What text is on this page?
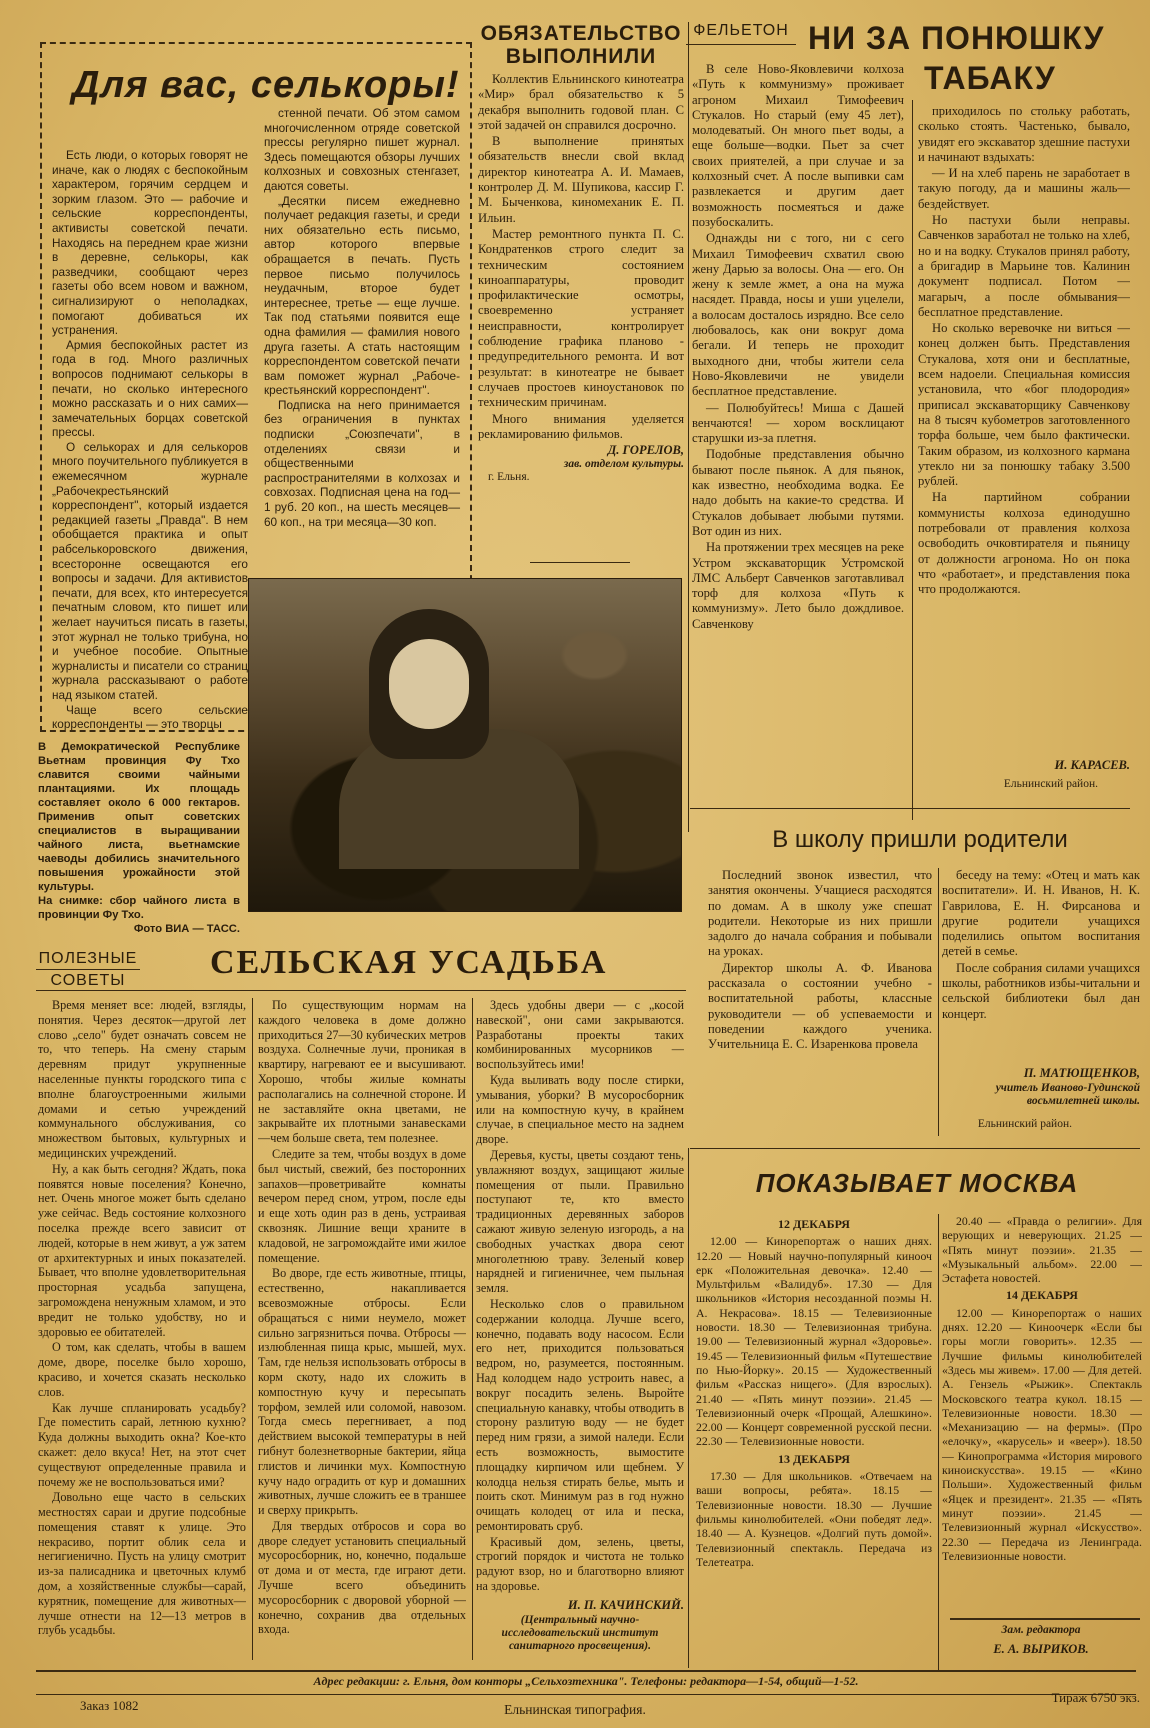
Для вас, селькоры!

Есть люди, о которых говорят не иначе, как о людях с беспокойным характером, горячим сердцем и зорким глазом. Это — рабочие и сельские корреспонденты, активисты советской печати. Находясь на переднем крае жизни в деревне, селькоры, как разведчики, сообщают через газеты обо всем новом и важном, сигнализируют о неполадках, помогают добиваться их устранения.

Армия беспокойных растет из года в год. Много различных вопросов поднимают селькоры в печати, но сколько интересного можно рассказать и о них самих—замечательных борцах советской прессы.

О селькорах и для селькоров много поучительного публикуется в ежемесячном журнале „Рабочекрестьянский корреспондент", который издается редакцией газеты „Правда". В нем обобщается практика и опыт рабселькоровского движения, всесторонне освещаются его вопросы и задачи. Для активистов печати, для всех, кто интересуется печатным словом, кто пишет или желает научиться писать в газеты, этот журнал не только трибуна, но и учебное пособие. Опытные журналисты и писатели со страниц журнала рассказывают о работе над языком статей.

Чаще всего сельские корреспонденты — это творцы

стенной печати. Об этом самом многочисленном отряде советской прессы регулярно пишет журнал. Здесь помещаются обзоры лучших колхозных и совхозных стенгазет, даются советы.

„Десятки писем ежедневно получает редакция газеты, и среди них обязательно есть письмо, автор которого впервые обращается в печать. Пусть первое письмо получилось неудачным, второе будет интереснее, третье — еще лучше. Так под статьями появится еще одна фамилия — фамилия нового друга газеты. А стать настоящим корреспондентом советской печати вам поможет журнал „Рабоче-крестьянский корреспондент".

Подписка на него принимается без ограничения в пунктах подписки „Союзпечати", в отделениях связи и общественными распространителями в колхозах и совхозах. Подписная цена на год—1 руб. 20 коп., на шесть месяцев—60 коп., на три месяца—30 коп.

ОБЯЗАТЕЛЬСТВО
ВЫПОЛНИЛИ

Коллектив Ельнинского кинотеатра «Мир» брал обязательство к 5 декабря выполнить годовой план. С этой задачей он справился досрочно.

В выполнение принятых обязательств внесли свой вклад директор кинотеатра А. И. Мамаев, контролер Д. М. Шупикова, кассир Г. М. Быченкова, киномеханик Е. П. Ильин.

Мастер ремонтного пункта П. С. Кондратенков строго следит за техническим состоянием киноаппаратуры, проводит профилактические осмотры, своевременно устраняет неисправности, контролирует соблюдение графика планово - предупредительного ремонта. И вот результат: в кинотеатре не бывает случаев простоев киноустановок по техническим причинам.

Много внимания уделяется рекламированию фильмов.

Д. ГОРЕЛОВ,
зав. отделом культуры.
г. Ельня.
ФЕЛЬЕТОН НИ ЗА ПОНЮШКУ
ТАБАКУ

В селе Ново-Яковлевичи колхоза «Путь к коммунизму» проживает агроном Михаил Тимофеевич Стукалов. Но старый (ему 45 лет), молодеватый. Он много пьет воды, а еще больше—водки. Пьет за счет своих приятелей, а при случае и за колхозный счет. А после выпивки сам развлекается и другим дает возможность посмеяться и даже позубоскалить.

Однажды ни с того, ни с сего Михаил Тимофеевич схватил свою жену Дарью за волосы. Она — его. Он жену к земле жмет, а она на мужа насядет. Правда, носы и уши уцелели, а волосам досталось изрядно. Все село любовалось, как они вокруг дома бегали. И теперь не проходит выходного дни, чтобы жители села Ново-Яковлевичи не увидели бесплатное представление.

— Полюбуйтесь! Миша с Дашей венчаются! — хором восклицают старушки из-за плетня.

Подобные представления обычно бывают после пьянок. А для пьянок, как известно, необходима водка. Ее надо добыть на какие-то средства. И Стукалов добывает любыми путями. Вот один из них.

На протяжении трех месяцев на реке Устром экскаваторщик Устромской ЛМС Альберт Савченков заготавливал торф для колхоза «Путь к коммунизму». Лето было дождливое. Савченкову

приходилось по стольку работать, сколько стоять. Частенько, бывало, увидят его экскаватор здешние пастухи и начинают вздыхать:

— И на хлеб парень не заработает в такую погоду, да и машины жаль—бездействует.

Но пастухи были неправы. Савченков заработал не только на хлеб, но и на водку. Стукалов принял работу, а бригадир в Марьине тов. Калинин документ подписал. Потом — магарыч, а после обмывания—бесплатное представление.

Но сколько веревочке ни виться — конец должен быть. Представления Стукалова, хотя они и бесплатные, всем надоели. Специальная комиссия установила, что «бог плодородия» приписал экскаваторщику Савченкову на 8 тысяч кубометров заготовленного торфа больше, чем было фактически. Таким образом, из колхозного кармана утекло ни за понюшку табаку 3.500 рублей.

На партийном собрании коммунисты колхоза единодушно потребовали от правления колхоза освободить очковтирателя и пьяницу от должности агронома. Но он пока что «работает», и представления пока что продолжаются.

И. КАРАСЕВ.
Ельнинский район.
В Демократической Республике Вьетнам провинция Фу Тхо славится своими чайными плантациями. Их площадь составляет около 6 000 гектаров. Применив опыт советских специалистов в выращивании чайного листа, вьетнамские чаеводы добились значительного повышения урожайности этой культуры.
На снимке: сбор чайного листа в провинции Фу Тхо.
Фото ВИА — ТАСС.
В школу пришли родители

Последний звонок известил, что занятия окончены. Учащиеся расходятся по домам. А в школу уже спешат родители. Некоторые из них пришли задолго до начала собрания и побывали на уроках.

Директор школы А. Ф. Иванова рассказала о состоянии учебно - воспитательной работы, классные руководители — об успеваемости и поведении каждого ученика. Учительница Е. С. Изаренкова провела

беседу на тему: «Отец и мать как воспитатели». И. Н. Иванов, Н. К. Гаврилова, Е. Н. Фирсанова и другие родители учащихся поделились опытом воспитания детей в семье.

После собрания силами учащихся школы, работников избы-читальни и сельской библиотеки был дан концерт.

П. МАТЮЩЕНКОВ,
учитель Иваново-Гудинской восьмилетней школы.
Ельнинский район.
ПОЛЕЗНЫЕ
СОВЕТЫ	СЕЛЬСКАЯ УСАДЬБА

Время меняет все: людей, взгляды, понятия. Через десяток—другой лет слово „село" будет означать совсем не то, что теперь. На смену старым деревням придут укрупненные населенные пункты городского типа с вполне благоустроенными жилыми домами и сетью учреждений коммунального обслуживания, со множеством бытовых, культурных и медицинских учреждений.

Ну, а как быть сегодня? Ждать, пока появятся новые поселения? Конечно, нет. Очень многое может быть сделано уже сейчас. Ведь состояние колхозного поселка прежде всего зависит от людей, которые в нем живут, а уж затем от архитектурных и иных показателей. Бывает, что вполне удовлетворительная просторная усадьба запущена, загромождена ненужным хламом, и это вредит не только удобству, но и здоровью ее обитателей.

О том, как сделать, чтобы в вашем доме, дворе, поселке было хорошо, красиво, и хочется сказать несколько слов.

Как лучше спланировать усадьбу? Где поместить сарай, летнюю кухню? Куда должны выходить окна? Кое-кто скажет: дело вкуса! Нет, на этот счет существуют определенные правила и почему же не воспользоваться ими?

Довольно еще часто в сельских местностях сараи и другие подсобные помещения ставят к улице. Это некрасиво, портит облик села и негигиенично. Пусть на улицу смотрит из-за палисадника и цветочных клумб дом, а хозяйственные службы—сарай, курятник, помещение для животных—лучше отнести на 12—13 метров в глубь усадьбы.

По существующим нормам на каждого человека в доме должно приходиться 27—30 кубических метров воздуха. Солнечные лучи, проникая в квартиру, нагревают ее и высушивают. Хорошо, чтобы жилые комнаты располагались на солнечной стороне. И не заставляйте окна цветами, не закрывайте их плотными занавесками—чем больше света, тем полезнее.

Следите за тем, чтобы воздух в доме был чистый, свежий, без посторонних запахов—проветривайте комнаты вечером перед сном, утром, после еды и еще хоть один раз в день, устраивая сквозняк. Лишние вещи храните в кладовой, не загромождайте ими жилое помещение.

Во дворе, где есть животные, птицы, естественно, накапливается всевозможные отбросы. Если обращаться с ними неумело, может сильно загрязниться почва. Отбросы — излюбленная пища крыс, мышей, мух. Там, где нельзя использовать отбросы в корм скоту, надо их сложить в компостную кучу и пересыпать торфом, землей или соломой, навозом. Тогда смесь перегнивает, а под действием высокой температуры в ней гибнут болезнетворные бактерии, яйца глистов и личинки мух. Компостную кучу надо оградить от кур и домашних животных, лучше сложить ее в траншее и сверху прикрыть.

Для твердых отбросов и сора во дворе следует установить специальный мусоросборник, но, конечно, подальше от дома и от места, где играют дети. Лучше всего объединить мусоросборник с дворовой уборной — конечно, сохранив два отдельных входа.

Здесь удобны двери — с „косой навеской", они сами закрываются. Разработаны проекты таких комбинированных мусорников — воспользуйтесь ими!

Куда выливать воду после стирки, умывания, уборки? В мусоросборник или на компостную кучу, в крайнем случае, в специальное место на заднем дворе.

Деревья, кусты, цветы создают тень, увлажняют воздух, защищают жилые помещения от пыли. Правильно поступают те, кто вместо традиционных деревянных заборов сажают живую зеленую изгородь, а на свободных участках двора сеют многолетнюю траву. Зеленый ковер нарядней и гигиеничнее, чем пыльная земля.

Несколько слов о правильном содержании колодца. Лучше всего, конечно, подавать воду насосом. Если его нет, приходится пользоваться ведром, но, разумеется, постоянным. Над колодцем надо устроить навес, а вокруг посадить зелень. Выройте специальную канавку, чтобы отводить в сторону разлитую воду — не будет перед ним грязи, а зимой наледи. Если есть возможность, вымостите площадку кирпичом или щебнем. У колодца нельзя стирать белье, мыть и поить скот. Минимум раз в год нужно очищать колодец от ила и песка, ремонтировать сруб.

Красивый дом, зелень, цветы, строгий порядок и чистота не только радуют взор, но и благотворно влияют на здоровье.

И. П. КАЧИНСКИЙ.
(Центральный научно-исследовательский институт санитарного просвещения).
ПОКАЗЫВАЕТ МОСКВА
12 ДЕКАБРЯ

12.00 — Киноpепортаж о наших днях. 12.20 — Новый научно-популярный кинооч ерк «Положительная девочка». 12.40 — Мультфильм «Валидуб». 17.30 — Для школьников «История несозданной поэмы Н. А. Некрасова». 18.15 — Телевизионные новости. 18.30 — Телевизионная трибуна. 19.00 — Телевизионный журнал «Здоровье». 19.45 — Телевизионный фильм «Путешествие по Нью-Йорку». 20.15 — Художественный фильм «Рассказ нищего». (Для взрослых). 21.40 — «Пять минут поэзии». 21.45 — Телевизионный очерк «Прощай, Алешкино». 22.00 — Концерт современной русской песни. 22.30 — Телевизионные новости.

13 ДЕКАБРЯ

17.30 — Для школьников. «Отвечаем на ваши вопросы, ребята». 18.15 — Телевизионные новости. 18.30 — Лучшие фильмы кинолюбителей. «Они победят лед». 18.40 — А. Кузнецов. «Долгий путь домой». Телевизионный спектакль. Передача из Телетеатра.

20.40 — «Правда о религии». Для верующих и неверующих. 21.25 — «Пять минут поэзии». 21.35 — «Музыкальный альбом». 22.00 — Эстафета новостей.

14 ДЕКАБРЯ

12.00 — Кинорепортаж о наших днях. 12.20 — Киноочерк «Если бы горы могли говорить». 12.35 — Лучшие фильмы кинолюбителей «Здесь мы живем». 17.00 — Для детей. А. Гензель «Рыжик». Спектакль Московского театра кукол. 18.15 — Телевизионные новости. 18.30 — «Механизацию — на фермы». (Про «елочку», «карусель» и «веер»). 18.50 — Кинопрограмма «История мирового киноискусства». 19.15 — «Кино Польши». Художественный фильм «Яцек и президент». 21.35 — «Пять минут поэзии». 21.45 — Телевизионный журнал «Искусство». 22.30 — Передача из Ленинграда. Телевизионные новости.

Зам. редактора
Е. А. ВЫРИКОВ.
Адрес редакции: г. Ельня, дом конторы „Сельхозтехника". Телефоны: редактора—1-54, общий—1-52.
Заказ 1082	Ельнинская типография.
Тираж 6750 экз.
